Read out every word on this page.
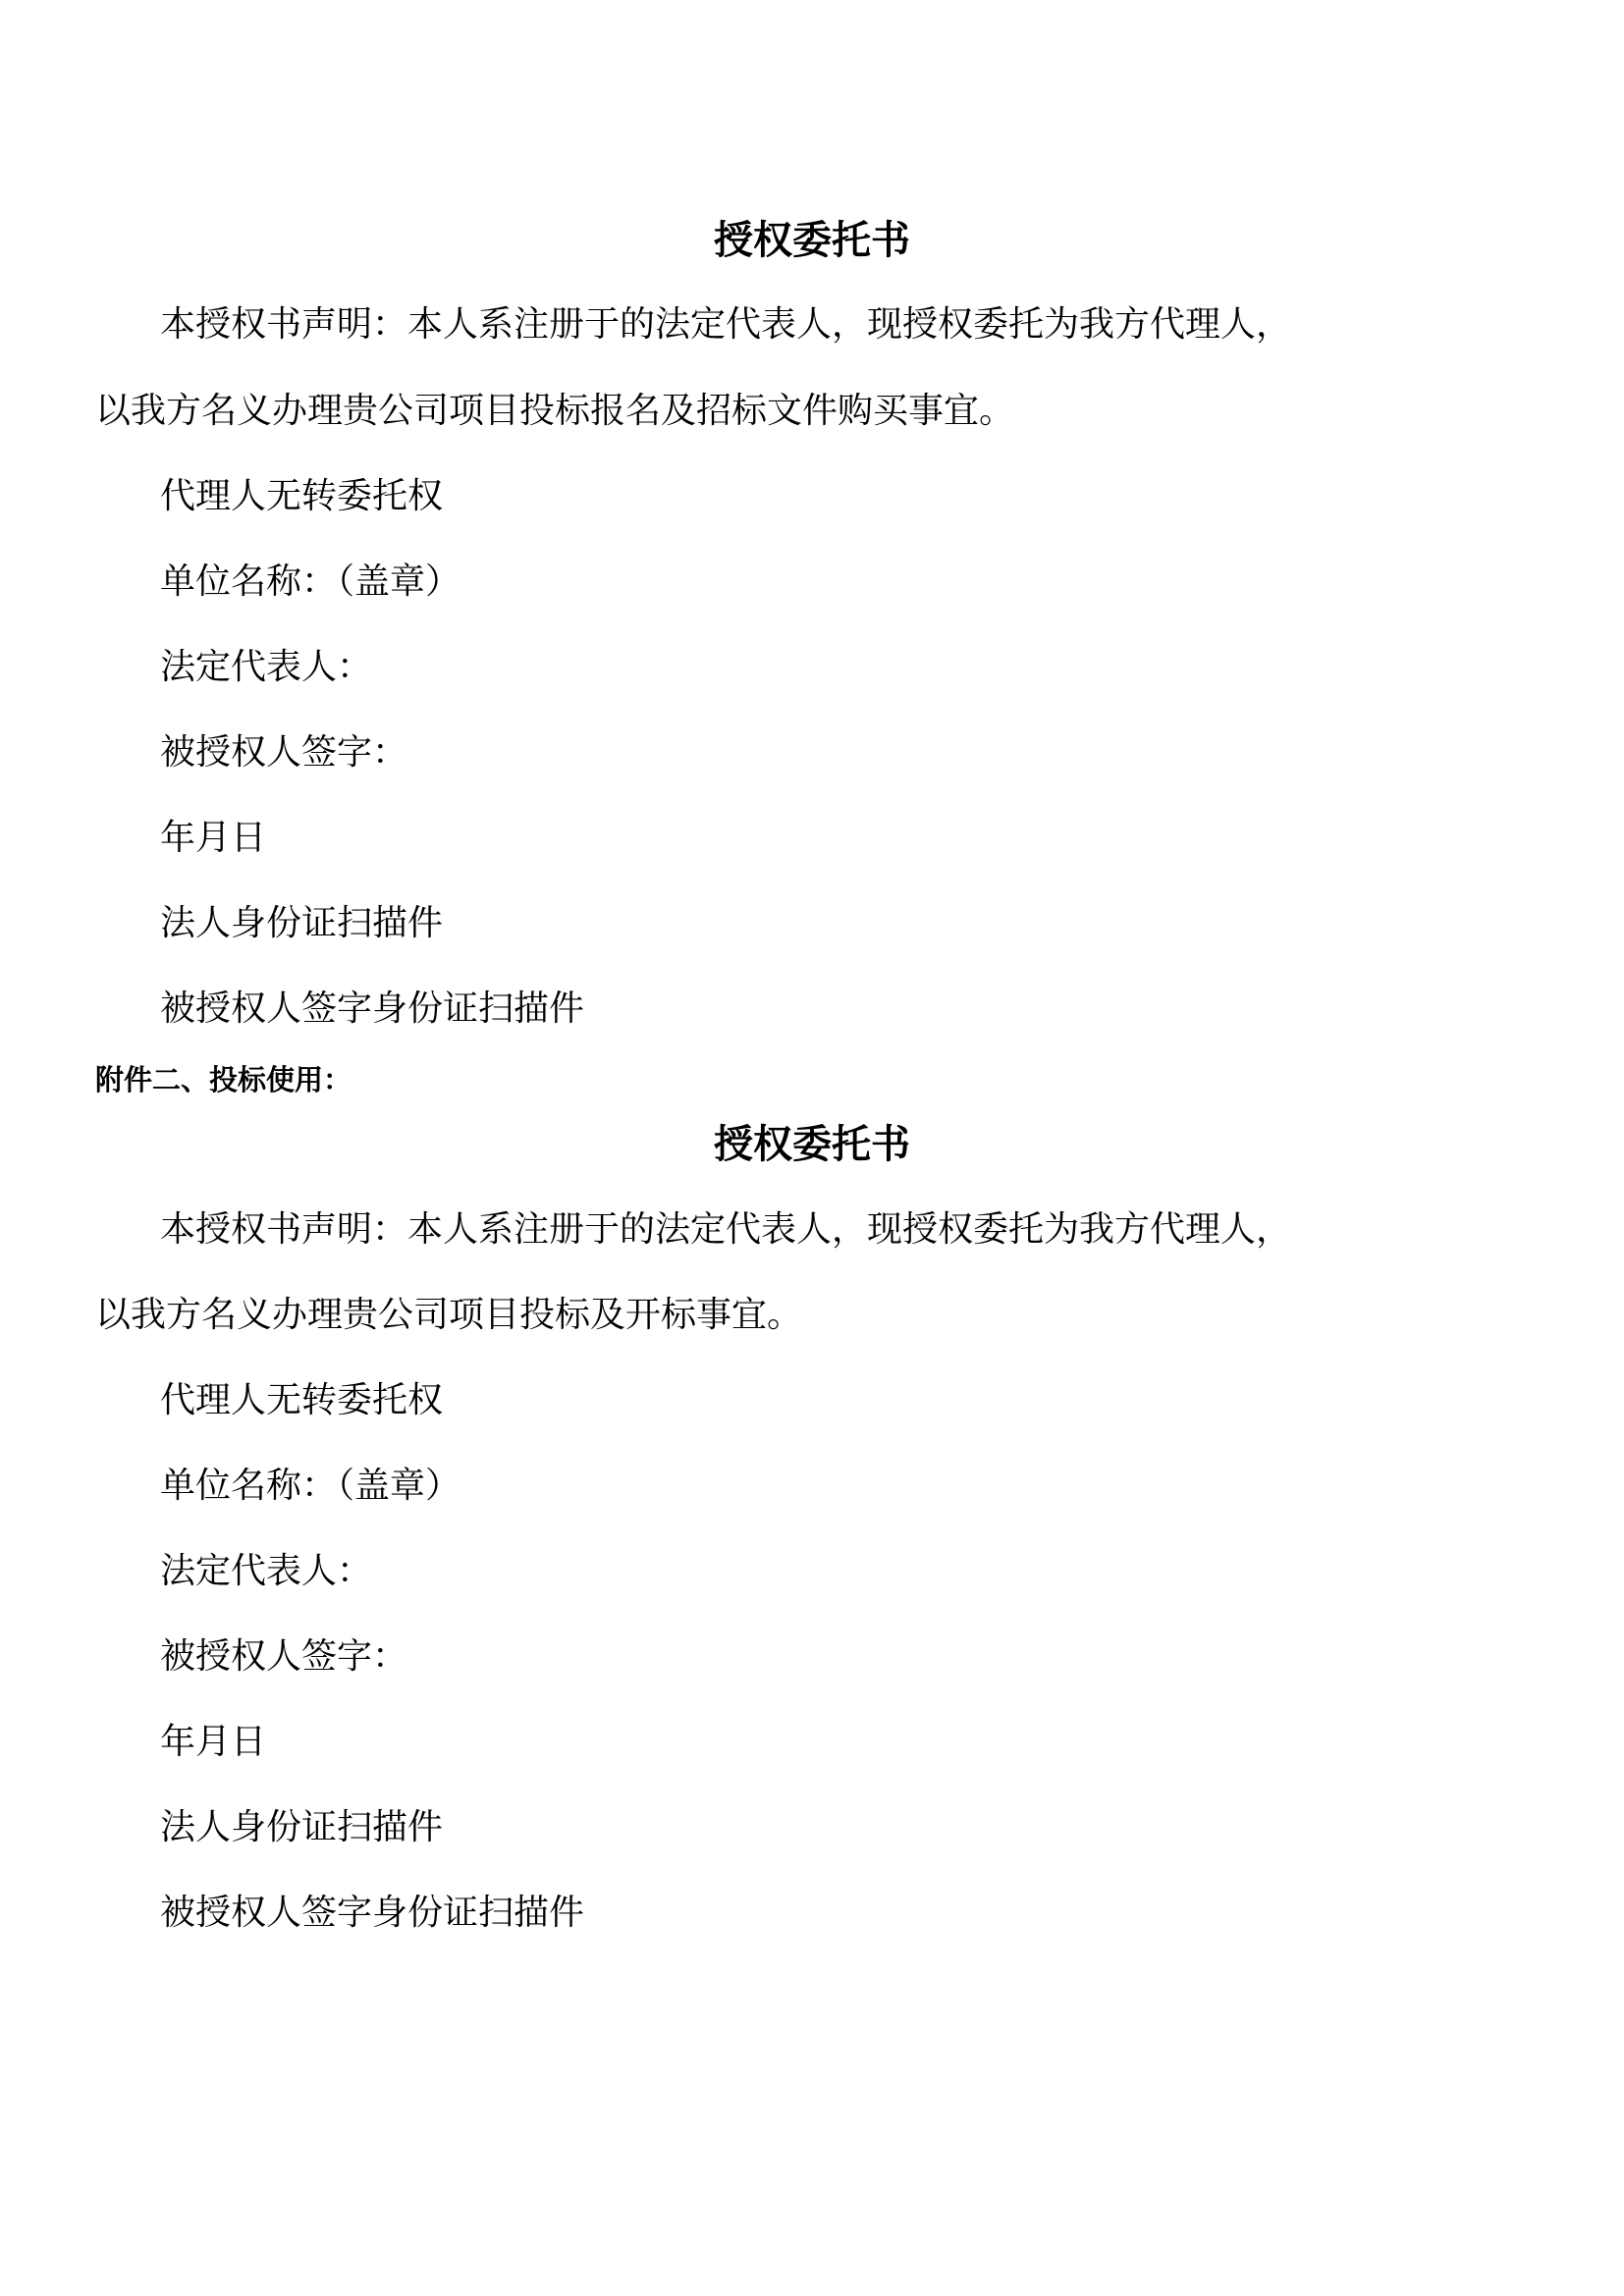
授权委托书
本授权书声明：本人系注册于的法定代表人，现授权委托为我方代理人，
以我方名义办理贵公司项目投标报名及招标文件购买事宜。
代理人无转委托权
单位名称：（盖章）
法定代表人：
被授权人签字：
年月日
法人身份证扫描件
被授权人签字身份证扫描件
附件二、投标使用：
授权委托书
本授权书声明：本人系注册于的法定代表人，现授权委托为我方代理人，
以我方名义办理贵公司项目投标及开标事宜。
代理人无转委托权
单位名称：（盖章）
法定代表人：
被授权人签字：
年月日
法人身份证扫描件
被授权人签字身份证扫描件
